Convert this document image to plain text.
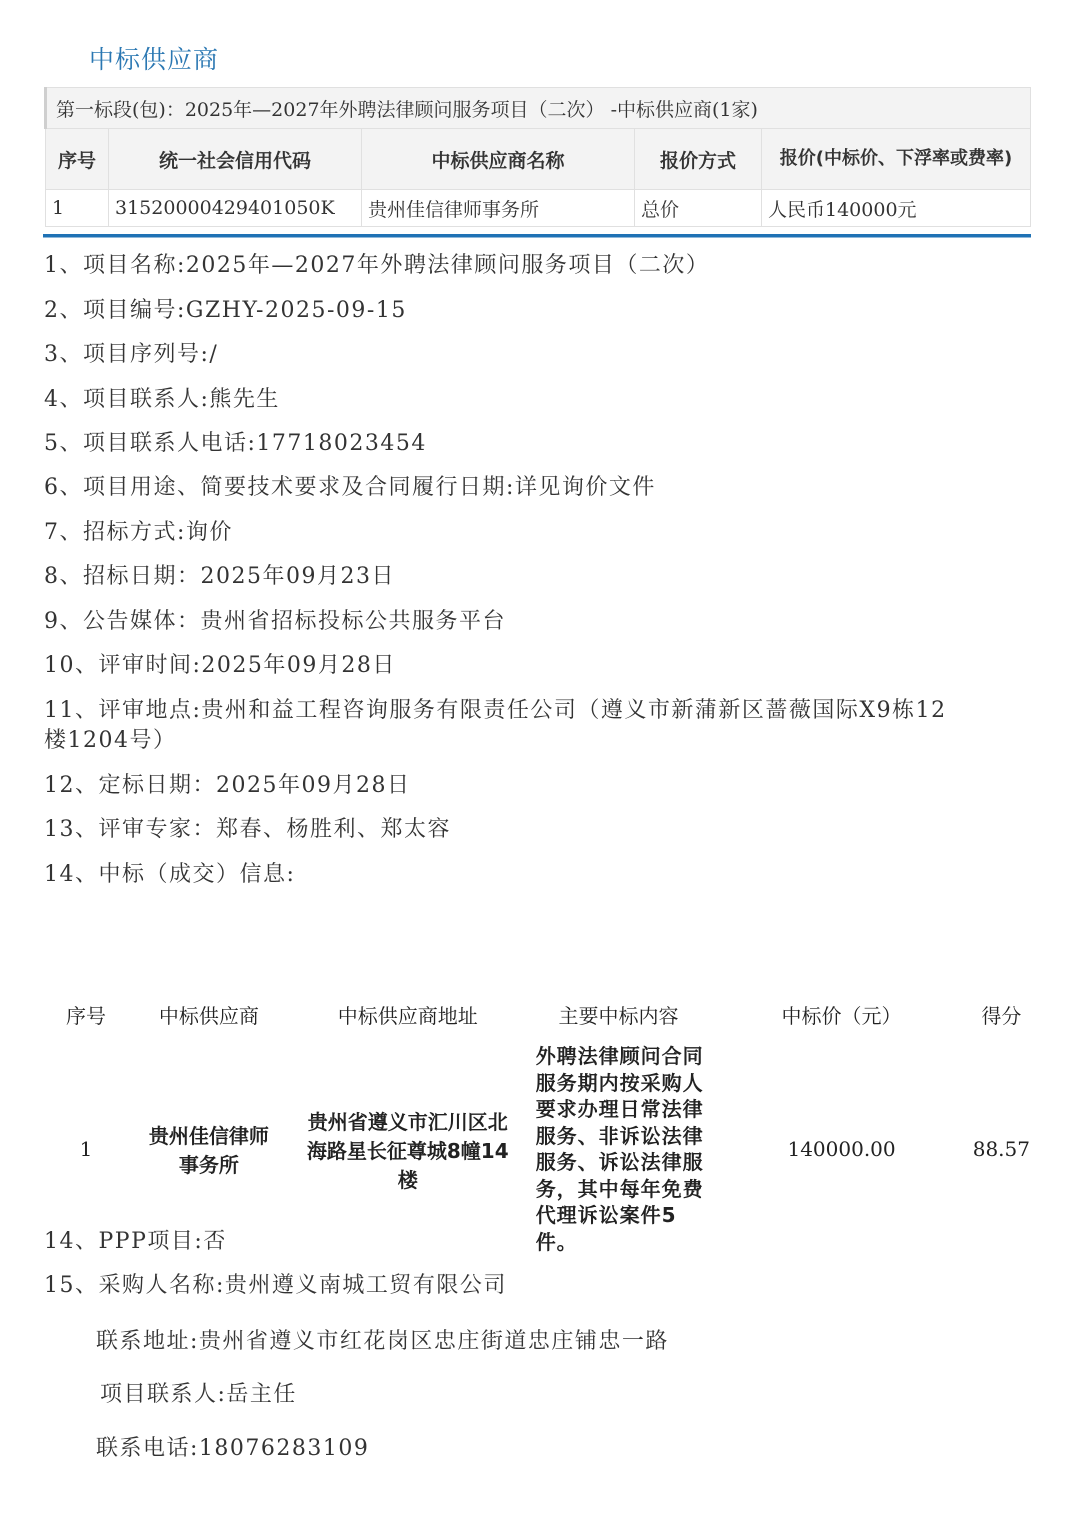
中标供应商
第一标段(包)：2025年—2027年外聘法律顾问服务项目（二次） -中标供应商(1家)				
序号	统一社会信用代码	中标供应商名称	报价方式	报价(中标价、下浮率或费率)
1	31520000429401050K	贵州佳信律师事务所	总价	人民币140000元
1、项目名称:2025年—2027年外聘法律顾问服务项目（二次）
2、项目编号:GZHY-2025-09-15
3、项目序列号:/
4、项目联系人:熊先生
5、项目联系人电话:17718023454
6、项目用途、简要技术要求及合同履行日期:详见询价文件
7、招标方式:询价
8、招标日期：2025年09月23日
9、公告媒体：贵州省招标投标公共服务平台
10、评审时间:2025年09月28日
11、评审地点:贵州和益工程咨询服务有限责任公司（遵义市新蒲新区蔷薇国际X9栋12
楼1204号）
12、定标日期：2025年09月28日
13、评审专家：郑春、杨胜利、郑太容
14、中标（成交）信息:
序号	中标供应商	中标供应商地址	主要中标内容	中标价（元）	得分
1	贵州佳信律师事务所	贵州省遵义市汇川区北海路星长征尊城8幢14楼	外聘法律顾问合同服务期内按采购人要求办理日常法律服务、非诉讼法律服务、诉讼法律服务，其中每年免费代理诉讼案件5件。	140000.00	88.57
14、PPP项目:否
15、采购人名称:贵州遵义南城工贸有限公司
联系地址:贵州省遵义市红花岗区忠庄街道忠庄铺忠一路
项目联系人:岳主任
联系电话:18076283109
